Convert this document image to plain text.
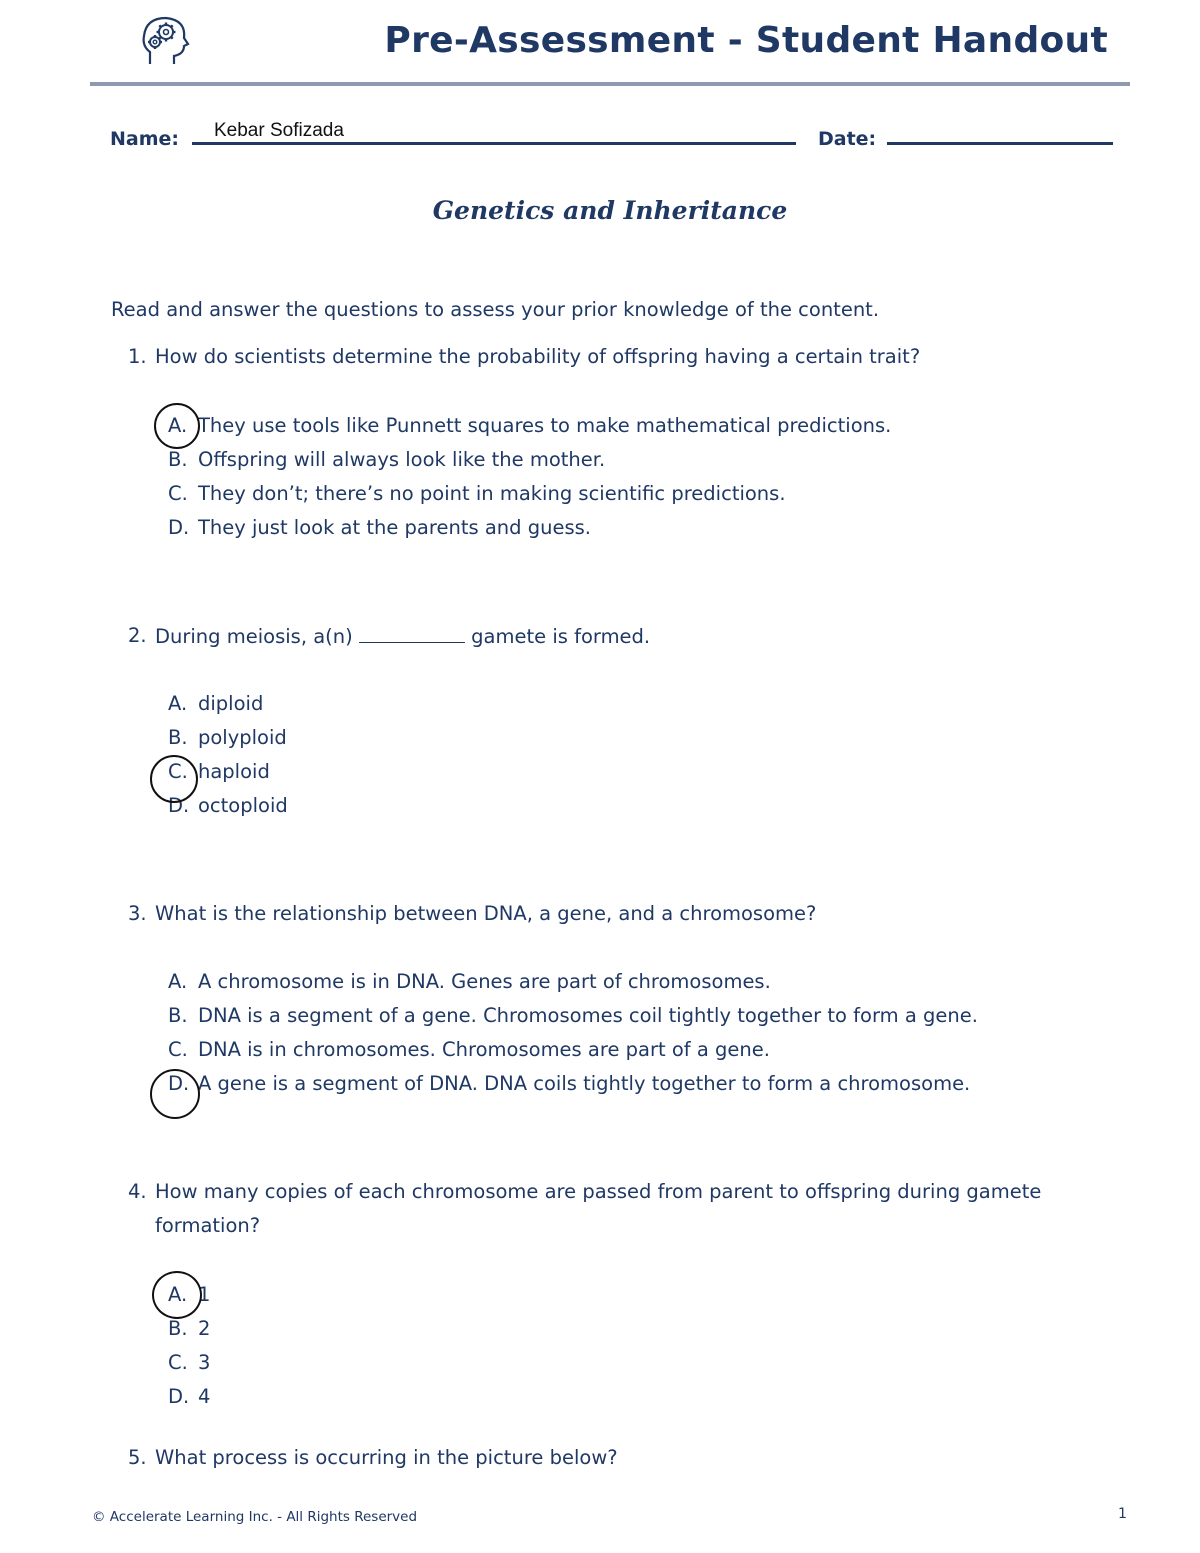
Pre-Assessment - Student Handout
Name: Kebar Sofizada	Date:
Genetics and Inheritance
Read and answer the questions to assess your prior knowledge of the content.
1. How do scientists determine the probability of offspring having a certain trait?
A. They use tools like Punnett squares to make mathematical predictions.
B. Offspring will always look like the mother.
C. They don’t; there’s no point in making scientific predictions.
D. They just look at the parents and guess.
2. During meiosis, a(n)	gamete is formed.
A. diploid
B. polyploid
C. haploid
D. octoploid
3. What is the relationship between DNA, a gene, and a chromosome?
A. A chromosome is in DNA. Genes are part of chromosomes.
B. DNA is a segment of a gene. Chromosomes coil tightly together to form a gene.
C. DNA is in chromosomes. Chromosomes are part of a gene.
D. A gene is a segment of DNA. DNA coils tightly together to form a chromosome.
4. How many copies of each chromosome are passed from parent to offspring during gamete
formation?
A. 1
B. 2
C. 3
D. 4
5. What process is occurring in the picture below?
© Accelerate Learning Inc. - All Rights Reserved	1
